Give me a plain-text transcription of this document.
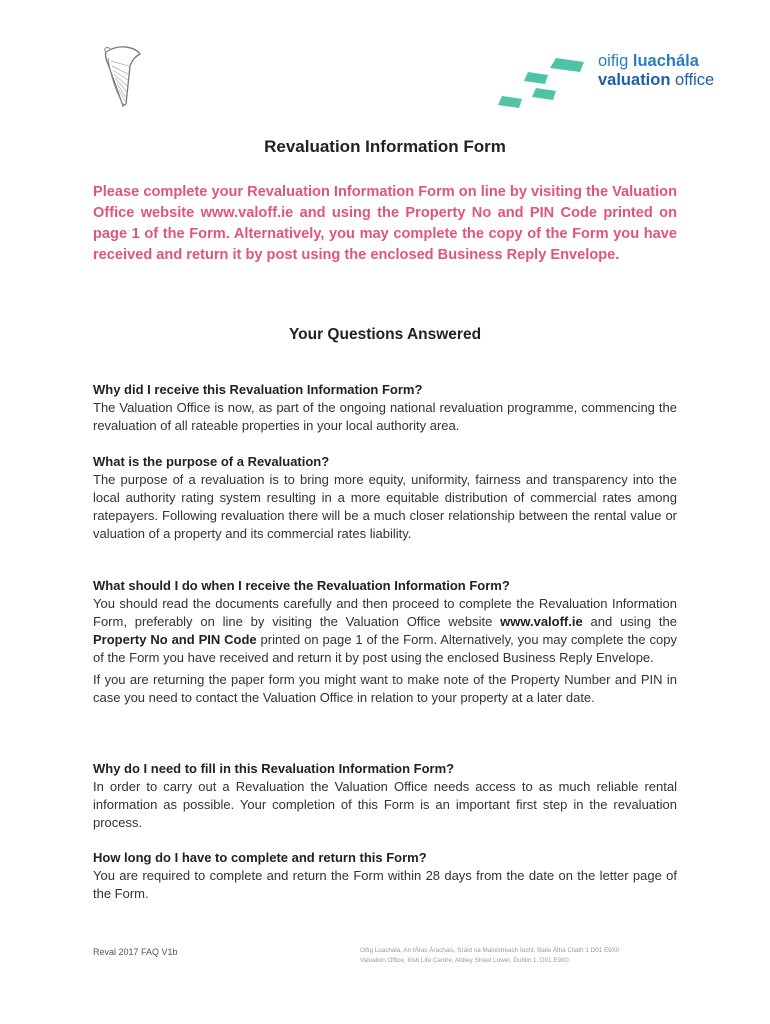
oifig luachála
valuation office
Revaluation Information Form

Please complete your Revaluation Information Form on line by visiting the Valuation Office website www.valoff.ie and using the Property No and PIN Code printed on page 1 of the Form. Alternatively, you may complete the copy of the Form you have received and return it by post using the enclosed Business Reply Envelope.

Your Questions Answered

Why did I receive this Revaluation Information Form?

The Valuation Office is now, as part of the ongoing national revaluation programme, commencing the revaluation of all rateable properties in your local authority area.

What is the purpose of a Revaluation?

The purpose of a revaluation is to bring more equity, uniformity, fairness and transparency into the local authority rating system resulting in a more equitable distribution of commercial rates among ratepayers. Following revaluation there will be a much closer relationship between the rental value or valuation of a property and its commercial rates liability.

What should I do when I receive the Revaluation Information Form?

You should read the documents carefully and then proceed to complete the Revaluation Information Form, preferably on line by visiting the Valuation Office website www.valoff.ie and using the Property No and PIN Code printed on page 1 of the Form. Alternatively, you may complete the copy of the Form you have received and return it by post using the enclosed Business Reply Envelope.

If you are returning the paper form you might want to make note of the Property Number and PIN in case you need to contact the Valuation Office in relation to your property at a later date.

Why do I need to fill in this Revaluation Information Form?

In order to carry out a Revaluation the Valuation Office needs access to as much reliable rental information as possible. Your completion of this Form is an important first step in the revaluation process.

How long do I have to complete and return this Form?

You are required to complete and return the Form within 28 days from the date on the letter page of the Form.

Reval 2017 FAQ V1b	Oifig Luachála, An tÁras Árachais, Sráid na Mainistreach Íocht, Baile Átha Cliath 1 D01 E9X0
Valuation Office, Irish Life Centre, Abbey Street Lower, Dublin 1. D01 E9X0
